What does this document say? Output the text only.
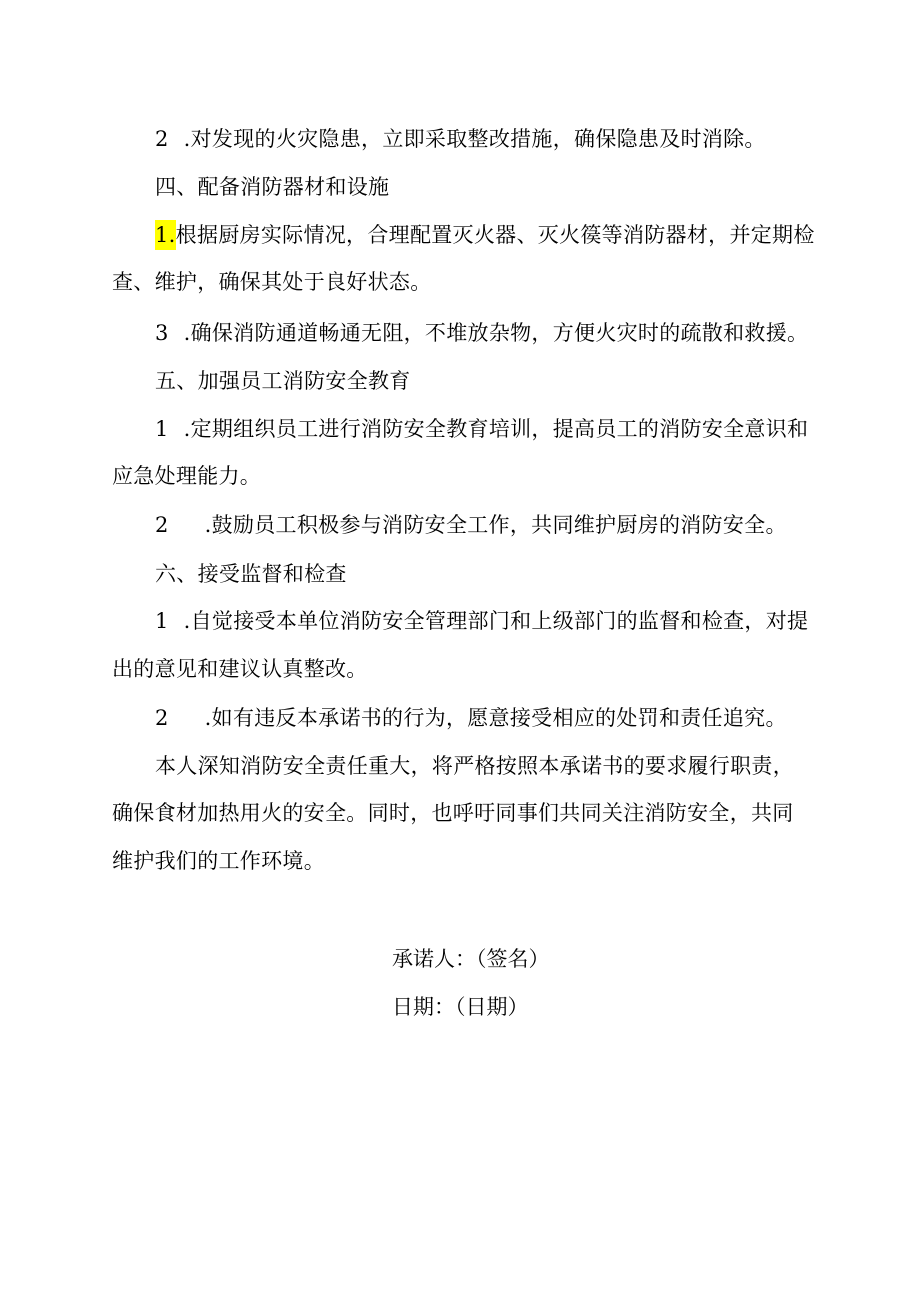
2 .对发现的火灾隐患，立即采取整改措施，确保隐患及时消除。
四、配备消防器材和设施
1.根据厨房实际情况，合理配置灭火器、灭火篌等消防器材，并定期检
查、维护，确保其处于良好状态。
3 .确保消防通道畅通无阻，不堆放杂物，方便火灾时的疏散和救援。
五、加强员工消防安全教育
1 .定期组织员工进行消防安全教育培训，提高员工的消防安全意识和
应急处理能力。
2 .鼓励员工积极参与消防安全工作，共同维护厨房的消防安全。
六、接受监督和检查
1 .自觉接受本单位消防安全管理部门和上级部门的监督和检查，对提
出的意见和建议认真整改。
2 .如有违反本承诺书的行为，愿意接受相应的处罚和责任追究。
本人深知消防安全责任重大，将严格按照本承诺书的要求履行职责，
确保食材加热用火的安全。同时，也呼吁同事们共同关注消防安全，共同
维护我们的工作环境。
承诺人：（签名）
日期：（日期）
